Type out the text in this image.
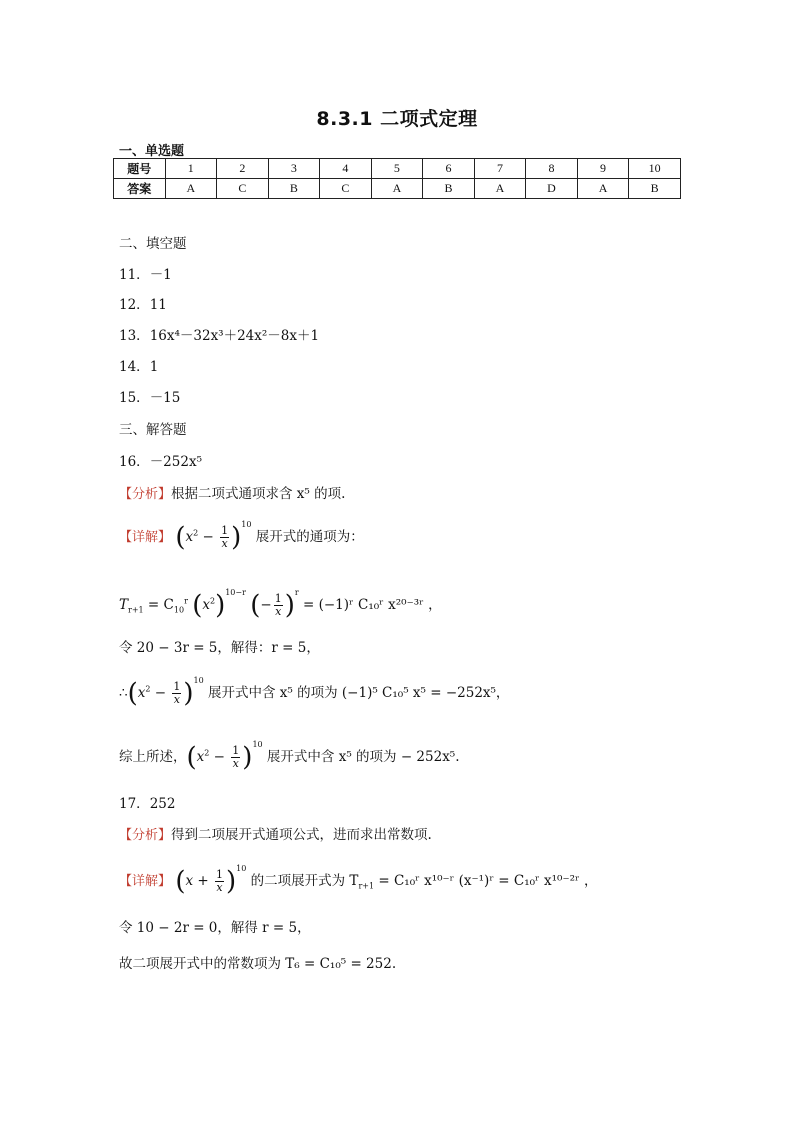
8.3.1 二项式定理
一、单选题
题号	1	2	3	4	5	6	7	8	9	10
答案	A	C	B	C	A	B	A	D	A	B
二、填空题
11．－1
12．11
13．16x⁴－32x³＋24x²－8x＋1
14．1
15．－15
三、解答题
16．－252x⁵
【分析】根据二项式通项求含 x⁵ 的项.
【详解】 $(x^2 - \frac{1}{x} )^{10}$ 展开式的通项为：
$T_{r+1} = C_{10}^r$ $(x^2)^{10-r}$ (− $\frac{1}{x} )^r$ = (−1)ʳ C₁₀ʳ x²⁰⁻³ʳ ，
令 20 − 3r = 5，解得：r = 5，
$\therefore(x^2 - \frac{1}{x} )^{10}$ 展开式中含 x⁵ 的项为 (−1)⁵ C₁₀⁵ x⁵ = −252x⁵，
综上所述，$(x^2 - \frac{1}{x} )^{10}$ 展开式中含 x⁵ 的项为 − 252x⁵.
17．252
【分析】得到二项展开式通项公式，进而求出常数项.
【详解】 $(x + \frac{1}{x} )^{10}$ 的二项展开式为 $T_{r+1}$ = C₁₀ʳ x¹⁰⁻ʳ (x⁻¹)ʳ = C₁₀ʳ x¹⁰⁻²ʳ ，
令 10 − 2r = 0，解得 r = 5，
故二项展开式中的常数项为 T₆ = C₁₀⁵ = 252.
